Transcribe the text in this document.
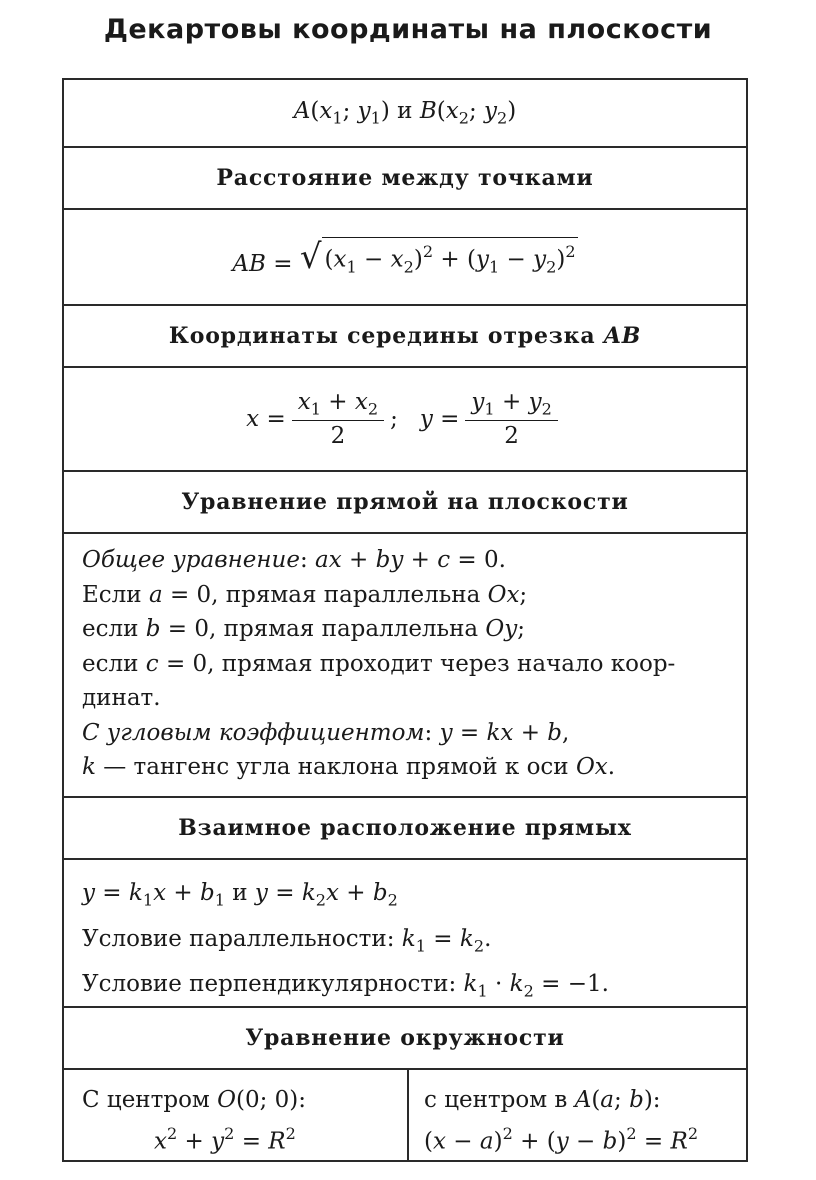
Декартовы координаты на плоскости
$A(x_1$; $y_1$) и $B(x_2$; $y_2$)
Расстояние между точками
AB = √ $(x_1 - x_2)^2 + (y_1 - y_2)^2$
Координаты середины отрезка AB
$x = \frac{x_1 + x_2}{2}$ ; $y = \frac{y_1 + y_2}{2}$
Уравнение прямой на плоскости
Общее уравнение: ax + by + c = 0.
Если a = 0, прямая параллельна Ox;
если b = 0, прямая параллельна Oy;
если c = 0, прямая проходит через начало коор-
динат.
С угловым коэффициентом: y = kx + b,
k — тангенс угла наклона прямой к оси Ox.
Взаимное расположение прямых
$y = k_1x + b_1$ и $y = k_2x + b_2$
Условие параллельности: $k_1 = k_2$.
Условие перпендикулярности: $k_1 \cdot k_2 = -1$.
Уравнение окружности
С центром O(0; 0):
$x^2 + y^2 = R^2$
с центром в A(a; b):
$(x - a)^2 + (y - b)^2 = R^2$
